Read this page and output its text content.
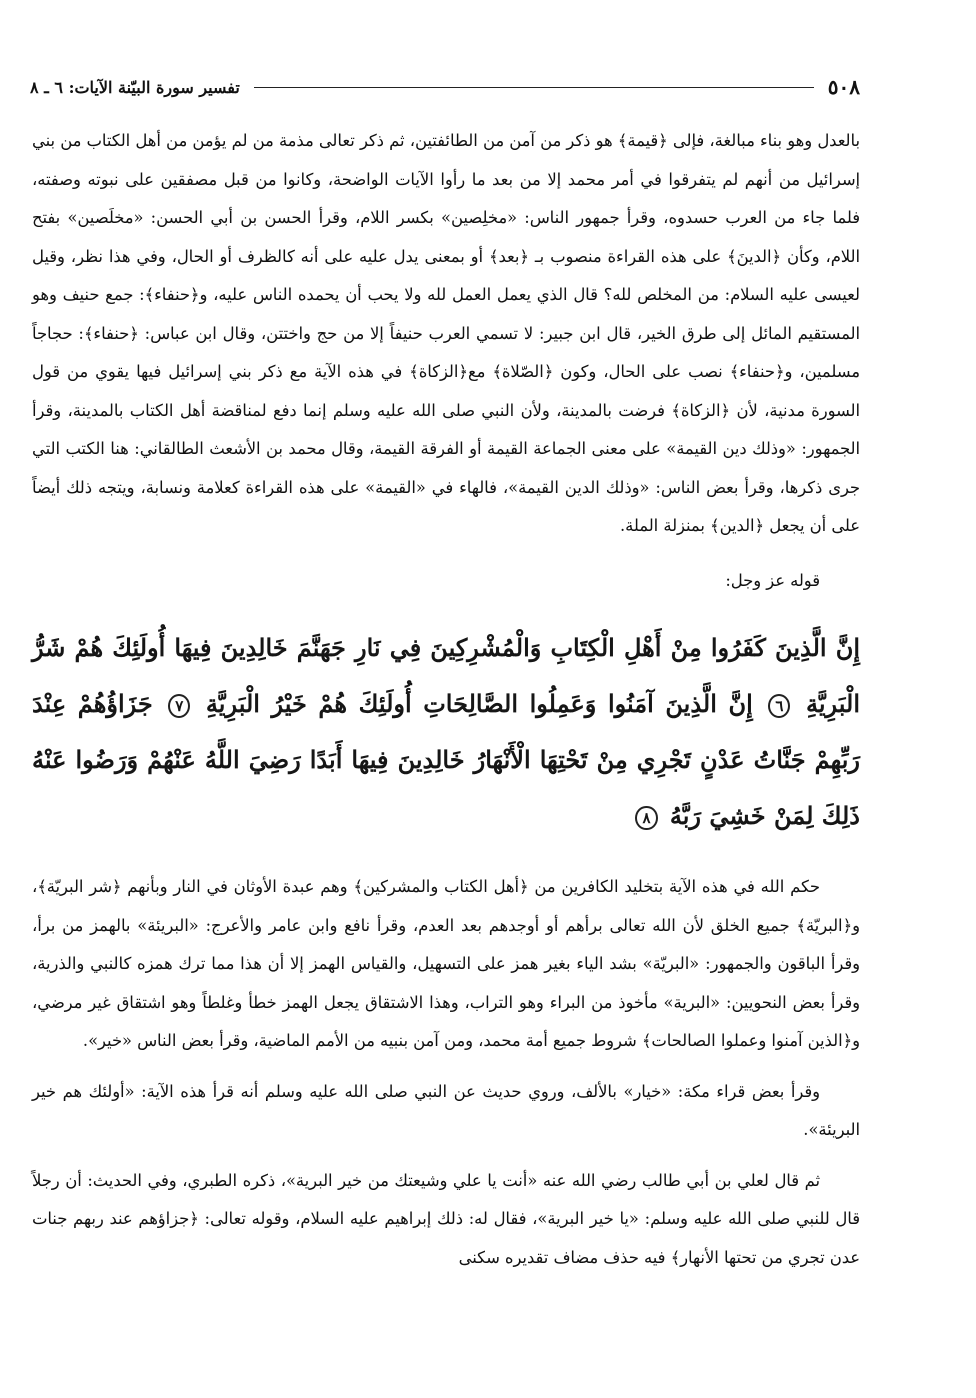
٥٠٨
تفسير سورة البيّنة الآيات: ٦ ـ ٨

بالعدل وهو بناء مبالغة، فإلى ﴿قيمة﴾ هو ذكر من آمن من الطائفتين، ثم ذكر تعالى مذمة من لم يؤمن من أهل الكتاب من بني إسرائيل من أنهم لم يتفرقوا في أمر محمد إلا من بعد ما رأوا الآيات الواضحة، وكانوا من قبل مصفقين على نبوته وصفته، فلما جاء من العرب حسدوه، وقرأ جمهور الناس: «مخلِصين» بكسر اللام، وقرأ الحسن بن أبي الحسن: «مخلَصين» بفتح اللام، وكأن ﴿الدينَ﴾ على هذه القراءة منصوب بـ ﴿بعد﴾ أو بمعنى يدل عليه على أنه كالظرف أو الحال، وفي هذا نظر، وقيل لعيسى عليه السلام: من المخلص لله؟ قال الذي يعمل العمل لله ولا يحب أن يحمده الناس عليه، و﴿حنفاء﴾: جمع حنيف وهو المستقيم المائل إلى طرق الخير، قال ابن جبير: لا تسمي العرب حنيفاً إلا من حج واختتن، وقال ابن عباس: ﴿حنفاء﴾: حجاجاً مسلمين، و﴿حنفاء﴾ نصب على الحال، وكون ﴿الصّلاة﴾ مع﴿الزكاة﴾ في هذه الآية مع ذكر بني إسرائيل فيها يقوي من قول السورة مدنية، لأن ﴿الزكاة﴾ فرضت بالمدينة، ولأن النبي صلى الله عليه وسلم إنما دفع لمناقضة أهل الكتاب بالمدينة، وقرأ الجمهور: «وذلك دين القيمة» على معنى الجماعة القيمة أو الفرقة القيمة، وقال محمد بن الأشعث الطالقاني: هنا الكتب التي جرى ذكرها، وقرأ بعض الناس: «وذلك الدين القيمة»، فالهاء في «القيمة» على هذه القراءة كعلامة ونسابة، ويتجه ذلك أيضاً على أن يجعل ﴿الدين﴾ بمنزلة الملة.

قوله عز وجل:

إِنَّ الَّذِينَ كَفَرُوا مِنْ أَهْلِ الْكِتَابِ وَالْمُشْرِكِينَ فِي نَارِ جَهَنَّمَ خَالِدِينَ فِيهَا أُولَئِكَ هُمْ شَرُّ الْبَرِيَّةِ ٦ إِنَّ الَّذِينَ آمَنُوا وَعَمِلُوا الصَّالِحَاتِ أُولَئِكَ هُمْ خَيْرُ الْبَرِيَّةِ ٧ جَزَاؤُهُمْ عِنْدَ رَبِّهِمْ جَنَّاتُ عَدْنٍ تَجْرِي مِنْ تَحْتِهَا الْأَنْهَارُ خَالِدِينَ فِيهَا أَبَدًا رَضِيَ اللَّهُ عَنْهُمْ وَرَضُوا عَنْهُ ذَلِكَ لِمَنْ خَشِيَ رَبَّهُ ٨

حكم الله في هذه الآية بتخليد الكافرين من ﴿أهل الكتاب والمشركين﴾ وهم عبدة الأوثان في النار وبأنهم ﴿شر البريّة﴾، و﴿البريّة﴾ جميع الخلق لأن الله تعالى برأهم أو أوجدهم بعد العدم، وقرأ نافع وابن عامر والأعرج: «البريئة» بالهمز من برأ، وقرأ الباقون والجمهور: «البريّة» بشد الياء بغير همز على التسهيل، والقياس الهمز إلا أن هذا مما ترك همزه كالنبي والذرية، وقرأ بعض النحويين: «البرية» مأخوذ من البراء وهو التراب، وهذا الاشتقاق يجعل الهمز خطأ وغلطاً وهو اشتقاق غير مرضي، و﴿الذين آمنوا وعملوا الصالحات﴾ شروط جميع أمة محمد، ومن آمن بنبيه من الأمم الماضية، وقرأ بعض الناس «خير».

وقرأ بعض قراء مكة: «خيار» بالألف، وروي حديث عن النبي صلى الله عليه وسلم أنه قرأ هذه الآية: «أولئك هم خير البريئة».

ثم قال لعلي بن أبي طالب رضي الله عنه «أنت يا علي وشيعتك من خير البرية»، ذكره الطبري، وفي الحديث: أن رجلاً قال للنبي صلى الله عليه وسلم: «يا خير البرية»، فقال له: ذلك إبراهيم عليه السلام، وقوله تعالى: ﴿جزاؤهم عند ربهم جنات عدن تجري من تحتها الأنهار﴾ فيه حذف مضاف تقديره سكنى
